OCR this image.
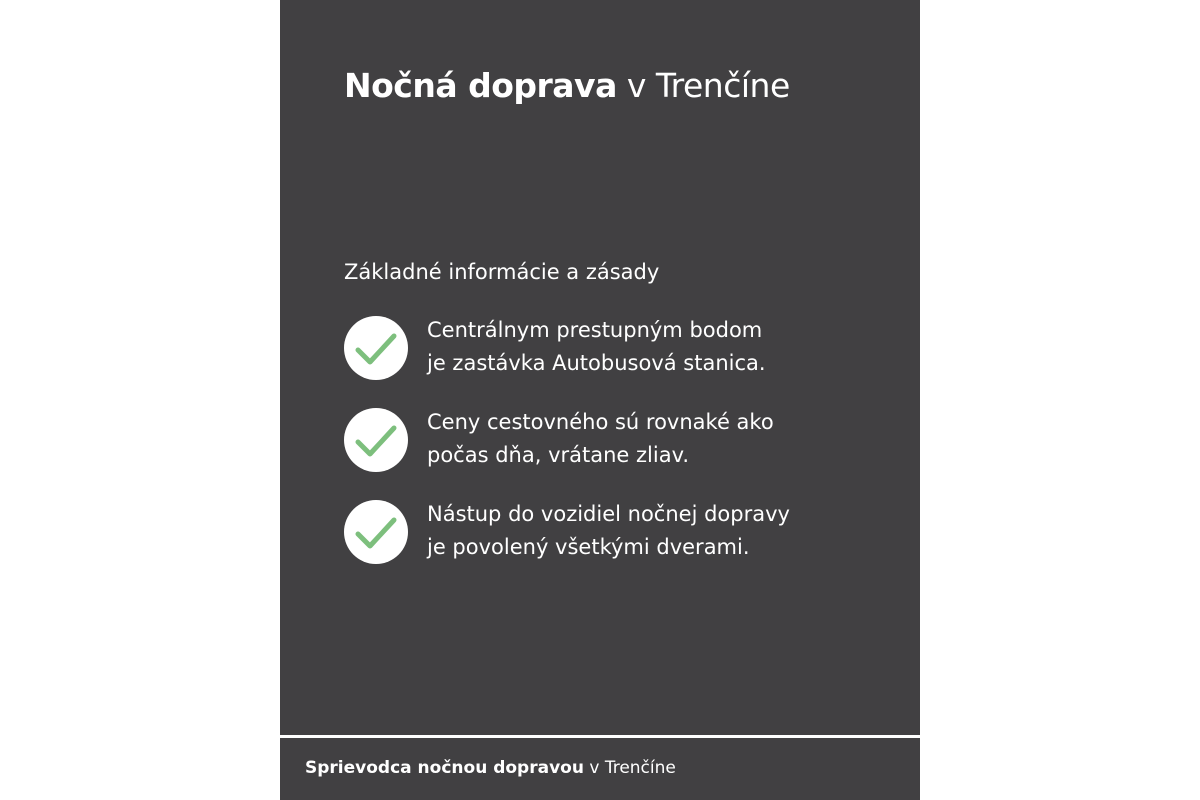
Nočná doprava v Trenčíne
Základné informácie a zásady
Centrálnym prestupným bodom
je zastávka Autobusová stanica.
Ceny cestovného sú rovnaké ako
počas dňa, vrátane zliav.
Nástup do vozidiel nočnej dopravy
je povolený všetkými dverami.
Sprievodca nočnou dopravou v Trenčíne
